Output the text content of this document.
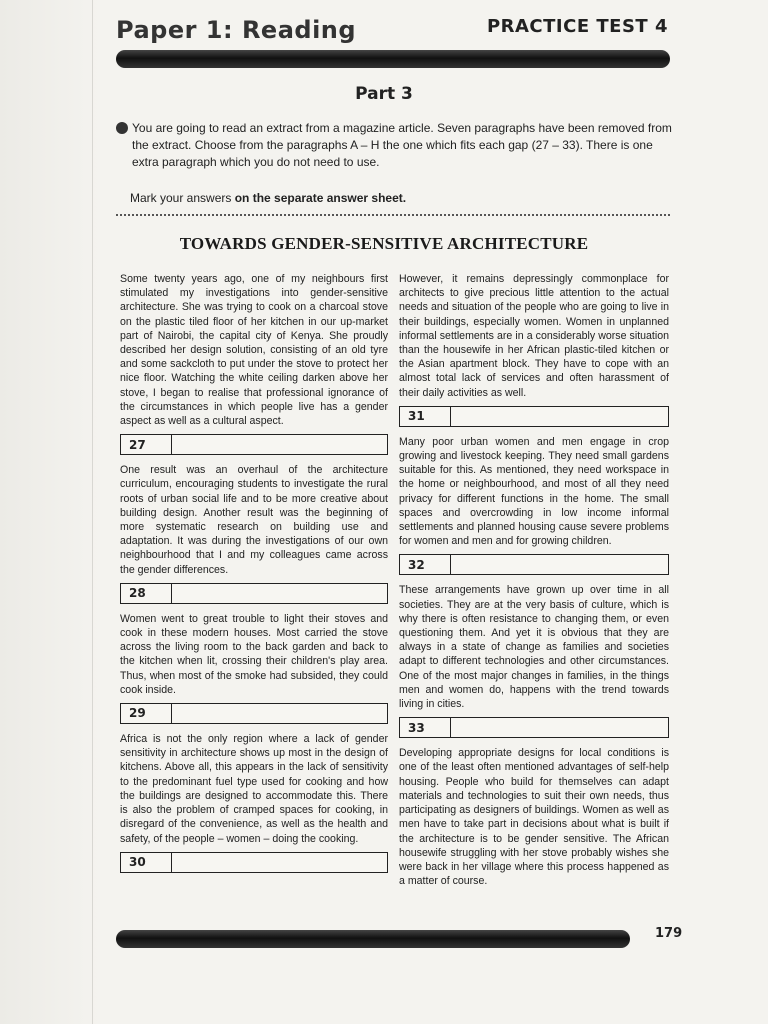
Paper 1: Reading	PRACTICE TEST 4
Part 3

You are going to read an extract from a magazine article. Seven paragraphs have been removed from the extract. Choose from the paragraphs A – H the one which fits each gap (27 – 33). There is one extra paragraph which you do not need to use.

Mark your answers on the separate answer sheet.
TOWARDS GENDER-SENSITIVE ARCHITECTURE

Some twenty years ago, one of my neighbours first stimulated my investigations into gender-sensitive architecture. She was trying to cook on a charcoal stove on the plastic tiled floor of her kitchen in our up-market part of Nairobi, the capital city of Kenya. She proudly described her design solution, consisting of an old tyre and some sackcloth to put under the stove to protect her nice floor. Watching the white ceiling darken above her stove, I began to realise that professional ignorance of the circumstances in which people live has a gender aspect as well as a cultural aspect.

27

One result was an overhaul of the architecture curriculum, encouraging students to investigate the rural roots of urban social life and to be more creative about building design. Another result was the beginning of more systematic research on building use and adaptation. It was during the investigations of our own neighbourhood that I and my colleagues came across the gender differences.

28

Women went to great trouble to light their stoves and cook in these modern houses. Most carried the stove across the living room to the back garden and back to the kitchen when lit, crossing their children's play area. Thus, when most of the smoke had subsided, they could cook inside.

29

Africa is not the only region where a lack of gender sensitivity in architecture shows up most in the design of kitchens. Above all, this appears in the lack of sensitivity to the predominant fuel type used for cooking and how the buildings are designed to accommodate this. There is also the problem of cramped spaces for cooking, in disregard of the convenience, as well as the health and safety, of the people – women – doing the cooking.

30

However, it remains depressingly commonplace for architects to give precious little attention to the actual needs and situation of the people who are going to live in their buildings, especially women. Women in unplanned informal settlements are in a considerably worse situation than the housewife in her African plastic-tiled kitchen or the Asian apartment block. They have to cope with an almost total lack of services and often harassment of their daily activities as well.

31

Many poor urban women and men engage in crop growing and livestock keeping. They need small gardens suitable for this. As mentioned, they need workspace in the home or neighbourhood, and most of all they need privacy for different functions in the home. The small spaces and overcrowding in low income informal settlements and planned housing cause severe problems for women and men and for growing children.

32

These arrangements have grown up over time in all societies. They are at the very basis of culture, which is why there is often resistance to changing them, or even questioning them. And yet it is obvious that they are always in a state of change as families and societies adapt to different technologies and other circumstances. One of the most major changes in families, in the things men and women do, happens with the trend towards living in cities.

33

Developing appropriate designs for local conditions is one of the least often mentioned advantages of self-help housing. People who build for themselves can adapt materials and technologies to suit their own needs, thus participating as designers of buildings. Women as well as men have to take part in decisions about what is built if the architecture is to be gender sensitive. The African housewife struggling with her stove probably wishes she were back in her village where this process happened as a matter of course.

179
